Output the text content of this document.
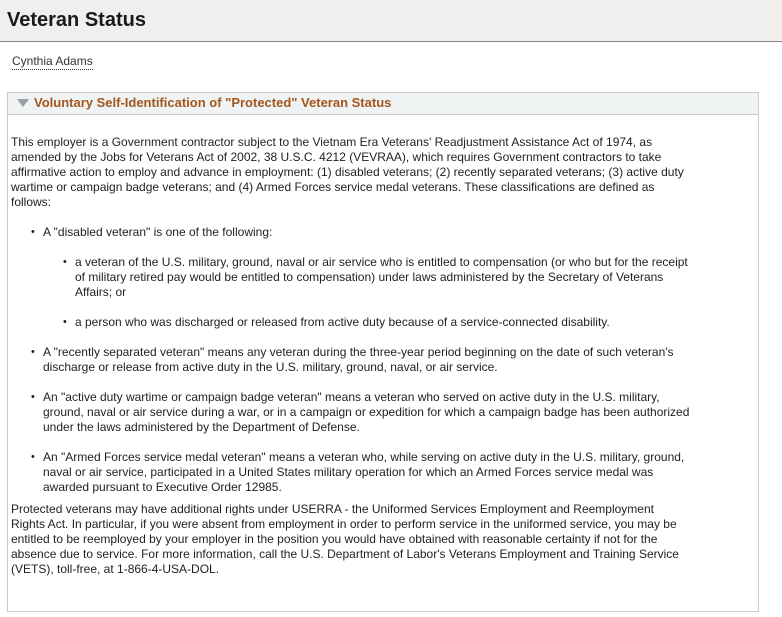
Veteran Status
Cynthia Adams
Voluntary Self-Identification of "Protected" Veteran Status

This employer is a Government contractor subject to the Vietnam Era Veterans' Readjustment Assistance Act of 1974, as amended by the Jobs for Veterans Act of 2002, 38 U.S.C. 4212 (VEVRAA), which requires Government contractors to take affirmative action to employ and advance in employment: (1) disabled veterans; (2) recently separated veterans; (3) active duty wartime or campaign badge veterans; and (4) Armed Forces service medal veterans. These classifications are defined as follows:

• A "disabled veteran" is one of the following:
• a veteran of the U.S. military, ground, naval or air service who is entitled to compensation (or who but for the receipt of military retired pay would be entitled to compensation) under laws administered by the Secretary of Veterans Affairs; or
• a person who was discharged or released from active duty because of a service-connected disability.
• A "recently separated veteran" means any veteran during the three-year period beginning on the date of such veteran's discharge or release from active duty in the U.S. military, ground, naval, or air service.
• An "active duty wartime or campaign badge veteran" means a veteran who served on active duty in the U.S. military, ground, naval or air service during a war, or in a campaign or expedition for which a campaign badge has been authorized under the laws administered by the Department of Defense.
• An "Armed Forces service medal veteran" means a veteran who, while serving on active duty in the U.S. military, ground, naval or air service, participated in a United States military operation for which an Armed Forces service medal was awarded pursuant to Executive Order 12985.

Protected veterans may have additional rights under USERRA - the Uniformed Services Employment and Reemployment Rights Act. In particular, if you were absent from employment in order to perform service in the uniformed service, you may be entitled to be reemployed by your employer in the position you would have obtained with reasonable certainty if not for the absence due to service. For more information, call the U.S. Department of Labor's Veterans Employment and Training Service (VETS), toll-free, at 1-866-4-USA-DOL.
